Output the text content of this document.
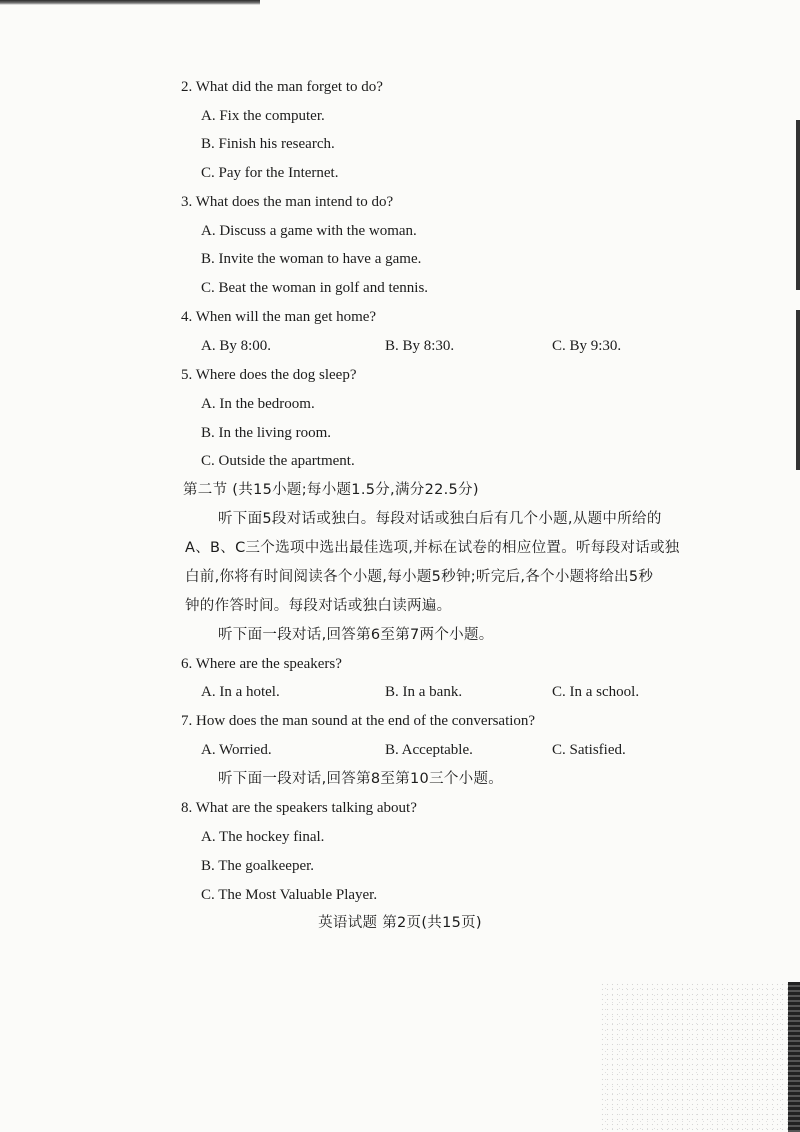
2. What did the man forget to do?
A. Fix the computer.
B. Finish his research.
C. Pay for the Internet.
3. What does the man intend to do?
A. Discuss a game with the woman.
B. Invite the woman to have a game.
C. Beat the woman in golf and tennis.
4. When will the man get home?
A. By 8:00.	B. By 8:30.	C. By 9:30.
5. Where does the dog sleep?
A. In the bedroom.
B. In the living room.
C. Outside the apartment.
第二节 (共15小题;每小题1.5分,满分22.5分)
听下面5段对话或独白。每段对话或独白后有几个小题,从题中所给的
A、B、C三个选项中选出最佳选项,并标在试卷的相应位置。听每段对话或独
白前,你将有时间阅读各个小题,每小题5秒钟;听完后,各个小题将给出5秒
钟的作答时间。每段对话或独白读两遍。
听下面一段对话,回答第6至第7两个小题。
6. Where are the speakers?
A. In a hotel.	B. In a bank.	C. In a school.
7. How does the man sound at the end of the conversation?
A. Worried.	B. Acceptable.	C. Satisfied.
听下面一段对话,回答第8至第10三个小题。
8. What are the speakers talking about?
A. The hockey final.
B. The goalkeeper.
C. The Most Valuable Player.
英语试题 第2页(共15页)
